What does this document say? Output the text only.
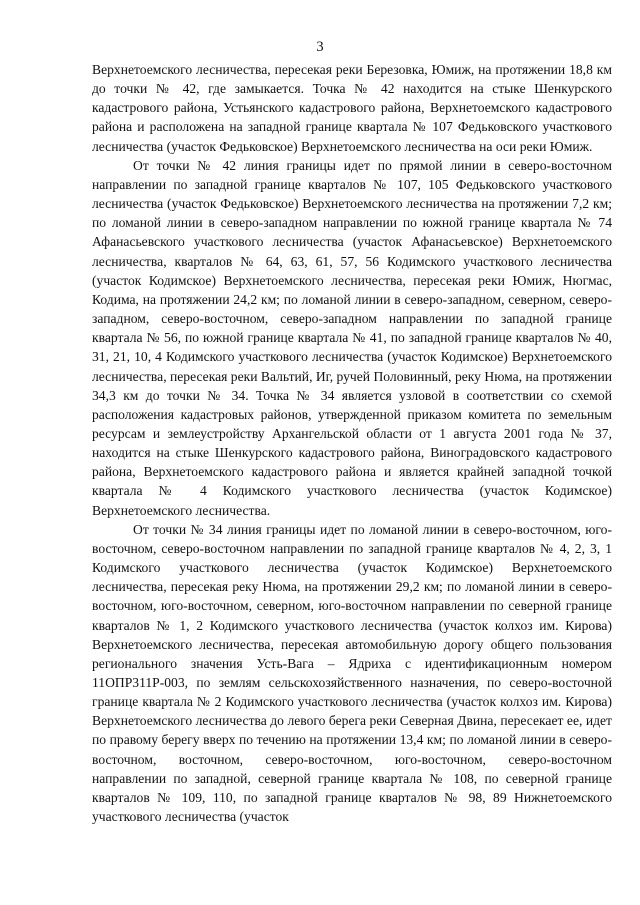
3

Верхнетоемского лесничества, пересекая реки Березовка, Юмиж, на протяжении 18,8 км до точки № 42, где замыкается. Точка № 42 находится на стыке Шенкурского кадастрового района, Устьянского кадастрового района, Верхнетоемского кадастрового района и расположена на западной границе квартала № 107 Федьковского участкового лесничества (участок Федьковское) Верхнетоемского лесничества на оси реки Юмиж.

От точки № 42 линия границы идет по прямой линии в северо-восточном направлении по западной границе кварталов № 107, 105 Федьковского участкового лесничества (участок Федьковское) Верхнетоемского лесничества на протяжении 7,2 км; по ломаной линии в северо-западном направлении по южной границе квартала № 74 Афанасьевского участкового лесничества (участок Афанасьевское) Верхнетоемского лесничества, кварталов № 64, 63, 61, 57, 56 Кодимского участкового лесничества (участок Кодимское) Верхнетоемского лесничества, пересекая реки Юмиж, Нюгмас, Кодима, на протяжении 24,2 км; по ломаной линии в северо-западном, северном, северо-западном, северо-восточном, северо-западном направлении по западной границе квартала № 56, по южной границе квартала № 41, по западной границе кварталов № 40, 31, 21, 10, 4 Кодимского участкового лесничества (участок Кодимское) Верхнетоемского лесничества, пересекая реки Вальтий, Иг, ручей Половинный, реку Нюма, на протяжении 34,3 км до точки № 34. Точка № 34 является узловой в соответствии со схемой расположения кадастровых районов, утвержденной приказом комитета по земельным ресурсам и землеустройству Архангельской области от 1 августа 2001 года № 37, находится на стыке Шенкурского кадастрового района, Виноградовского кадастрового района, Верхнетоемского кадастрового района и является крайней западной точкой квартала № 4 Кодимского участкового лесничества (участок Кодимское) Верхнетоемского лесничества.

От точки № 34 линия границы идет по ломаной линии в северо-восточном, юго-восточном, северо-восточном направлении по западной границе кварталов № 4, 2, 3, 1 Кодимского участкового лесничества (участок Кодимское) Верхнетоемского лесничества, пересекая реку Нюма, на протяжении 29,2 км; по ломаной линии в северо-восточном, юго-восточном, северном, юго-восточном направлении по северной границе кварталов № 1, 2 Кодимского участкового лесничества (участок колхоз им. Кирова) Верхнетоемского лесничества, пересекая автомобильную дорогу общего пользования регионального значения Усть-Вага – Ядриха с идентификационным номером 11ОПР311Р-003, по землям сельскохозяйственного назначения, по северо-восточной границе квартала № 2 Кодимского участкового лесничества (участок колхоз им. Кирова) Верхнетоемского лесничества до левого берега реки Северная Двина, пересекает ее, идет по правому берегу вверх по течению на протяжении 13,4 км; по ломаной линии в северо-восточном, восточном, северо-восточном, юго-восточном, северо-восточном направлении по западной, северной границе квартала № 108, по северной границе кварталов № 109, 110, по западной границе кварталов № 98, 89 Нижнетоемского участкового лесничества (участок
